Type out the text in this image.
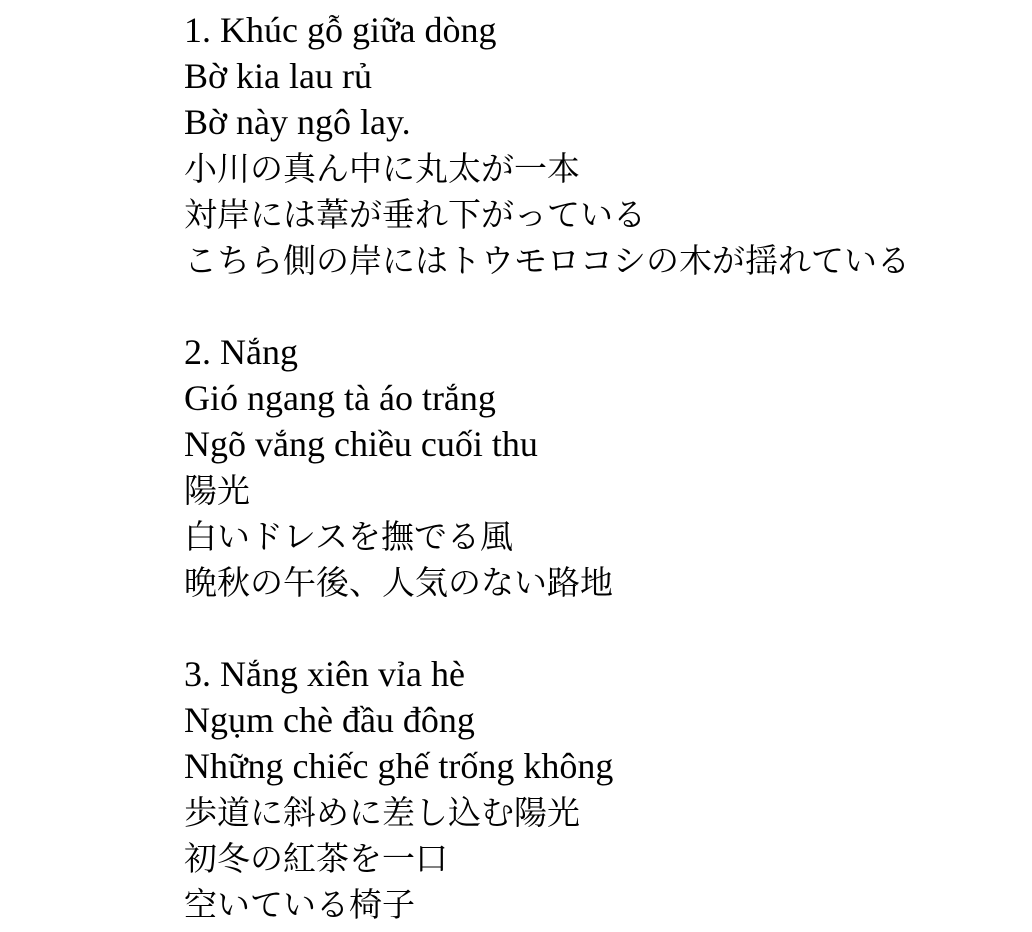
1. Khúc gỗ giữa dòng
Bờ kia lau rủ
Bờ này ngô lay.
小川の真ん中に丸太が一本
対岸には葦が垂れ下がっている
こちら側の岸にはトウモロコシの木が揺れている
2. Nắng
Gió ngang tà áo trắng
Ngõ vắng chiều cuối thu
陽光
白いドレスを撫でる風
晩秋の午後、人気のない路地
3. Nắng xiên vỉa hè
Ngụm chè đầu đông
Những chiếc ghế trống không
歩道に斜めに差し込む陽光
初冬の紅茶を一口
空いている椅子
